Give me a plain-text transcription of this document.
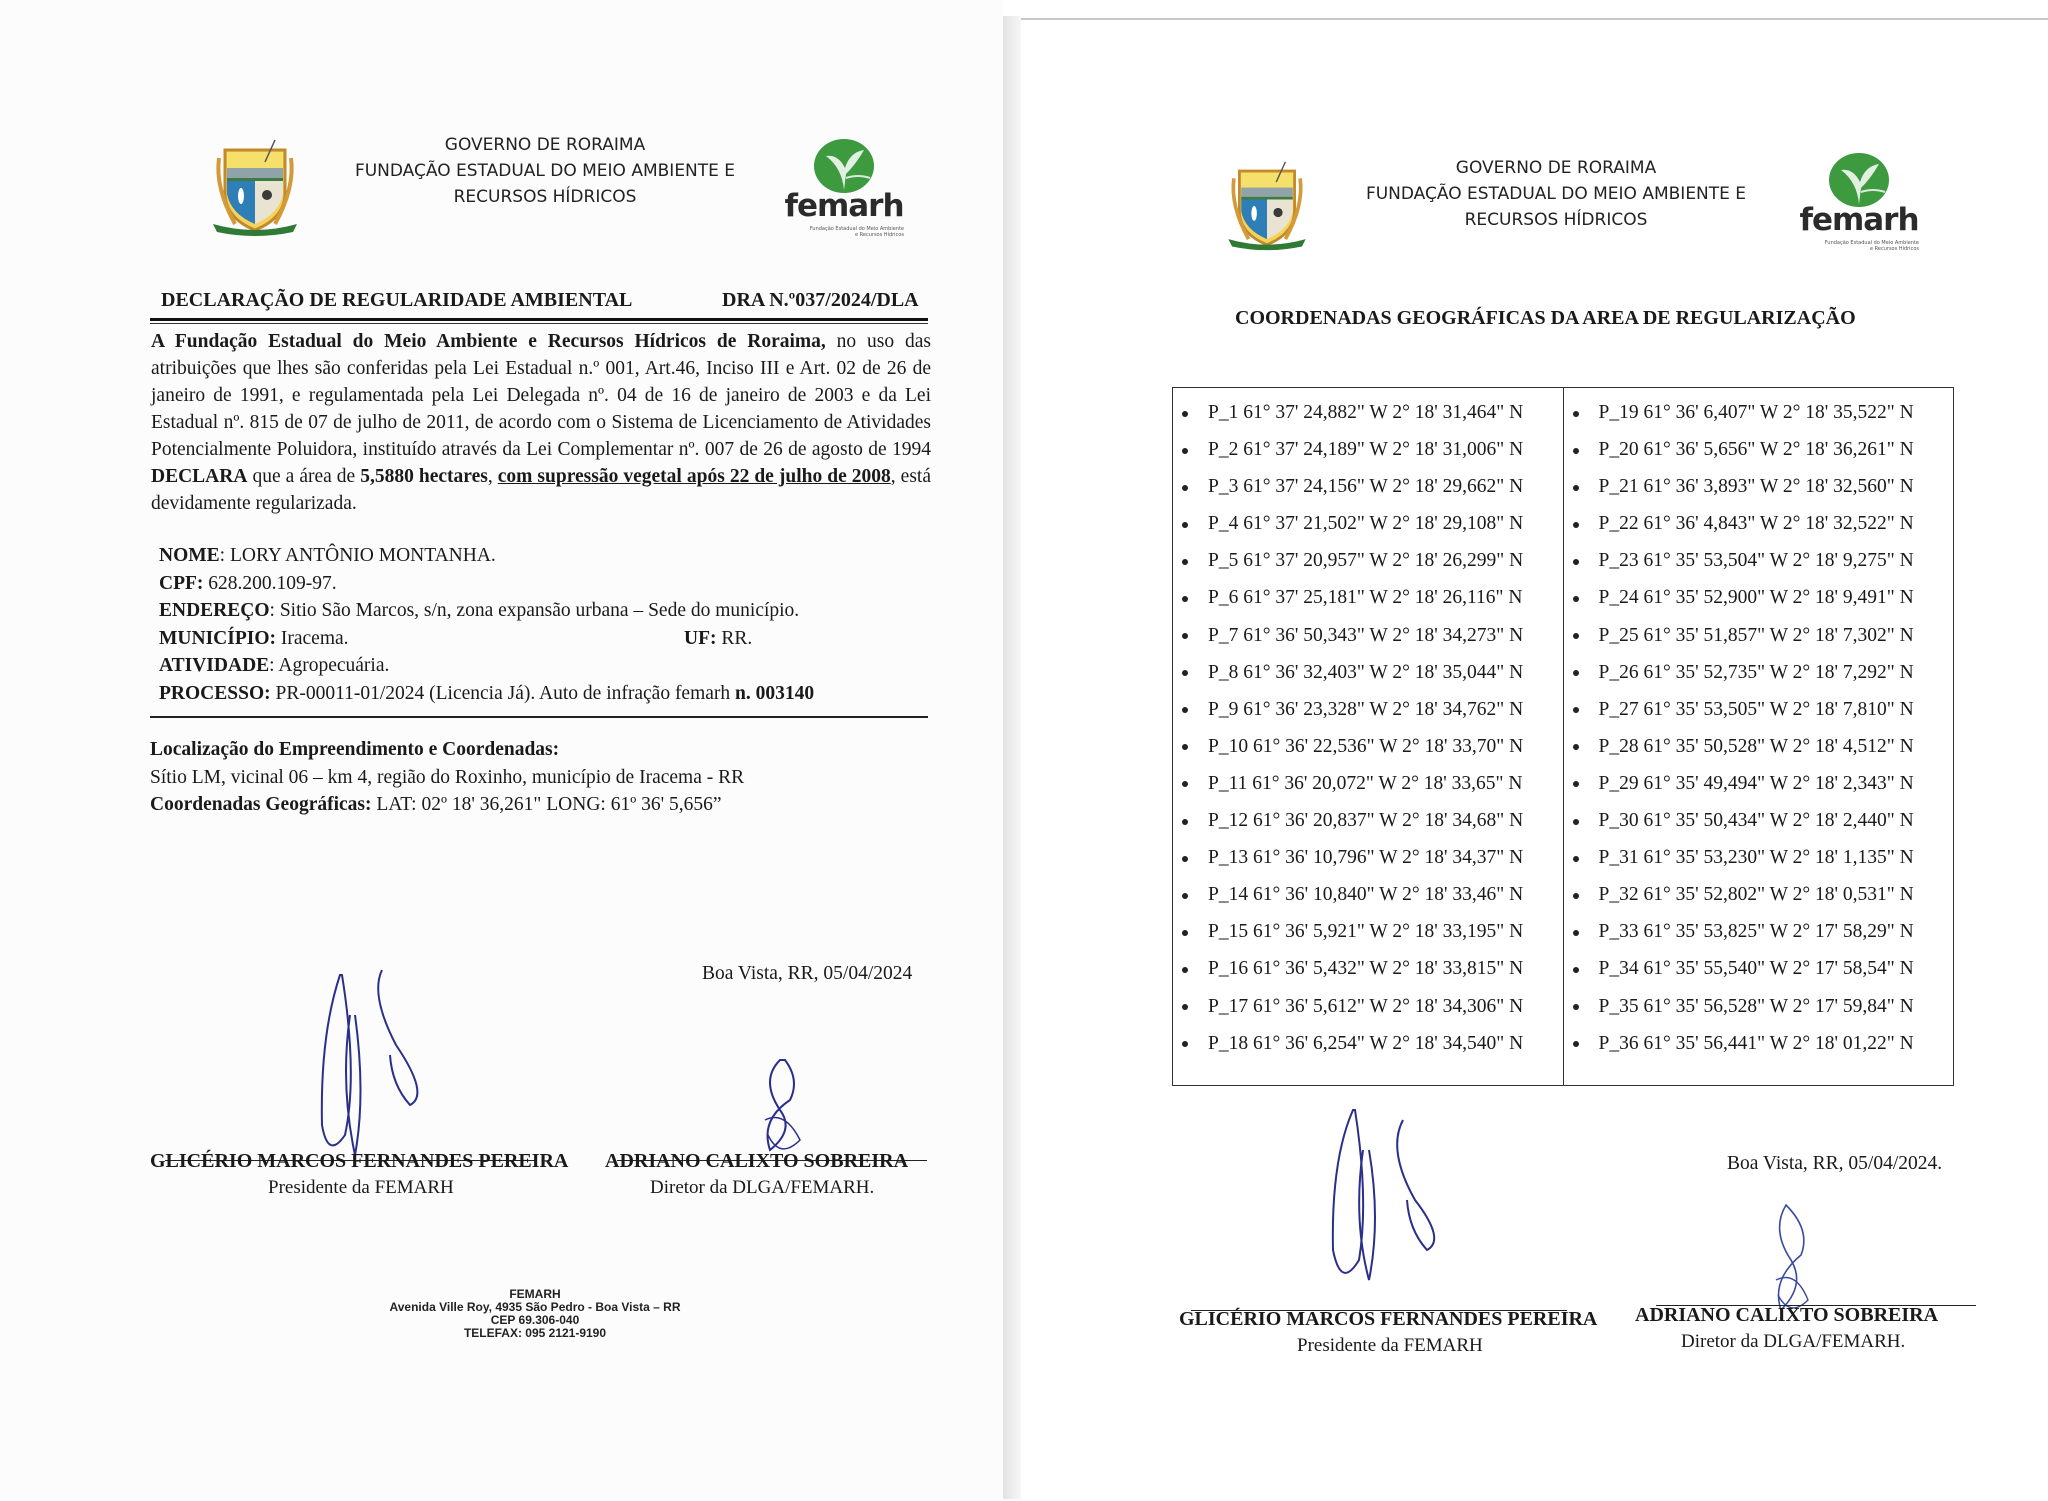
GOVERNO DE RORAIMA
FUNDAÇÃO ESTADUAL DO MEIO AMBIENTE E
RECURSOS HÍDRICOS	femarh
Fundação Estadual do Meio Ambiente
e Recursos Hídricos
DECLARAÇÃO DE REGULARIDADE AMBIENTAL	DRA N.º037/2024/DLA
A Fundação Estadual do Meio Ambiente e Recursos Hídricos de Roraima, no uso das atribuições que lhes são conferidas pela Lei Estadual n.º 001, Art.46, Inciso III e Art. 02 de 26 de janeiro de 1991, e regulamentada pela Lei Delegada nº. 04 de 16 de janeiro de 2003 e da Lei Estadual nº. 815 de 07 de julho de 2011, de acordo com o Sistema de Licenciamento de Atividades Potencialmente Poluidora, instituído através da Lei Complementar nº. 007 de 26 de agosto de 1994 DECLARA que a área de 5,5880 hectares, com supressão vegetal após 22 de julho de 2008, está devidamente regularizada.
NOME: LORY ANTÔNIO MONTANHA.
CPF: 628.200.109-97.
ENDEREÇO: Sitio São Marcos, s/n, zona expansão urbana – Sede do município.
MUNICÍPIO: Iracema.	UF: RR.
ATIVIDADE: Agropecuária.
PROCESSO: PR-00011-01/2024 (Licencia Já). Auto de infração femarh n. 003140
Localização do Empreendimento e Coordenadas:
Sítio LM, vicinal 06 – km 4, região do Roxinho, município de Iracema - RR
Coordenadas Geográficas: LAT: 02º 18' 36,261" LONG: 61º 36' 5,656”
Boa Vista, RR, 05/04/2024
GLICÉRIO MARCOS FERNANDES PEREIRA
Presidente da FEMARH
ADRIANO CALIXTO SOBREIRA
Diretor da DLGA/FEMARH.
FEMARH
Avenida Ville Roy, 4935 São Pedro - Boa Vista – RR
CEP 69.306-040
TELEFAX: 095 2121-9190
GOVERNO DE RORAIMA
FUNDAÇÃO ESTADUAL DO MEIO AMBIENTE E
RECURSOS HÍDRICOS	femarh
Fundação Estadual do Meio Ambiente
e Recursos Hídricos
COORDENADAS GEOGRÁFICAS DA AREA DE REGULARIZAÇÃO
P_1 61° 37' 24,882" W 2° 18' 31,464" N
P_2 61° 37' 24,189" W 2° 18' 31,006" N
P_3 61° 37' 24,156" W 2° 18' 29,662" N
P_4 61° 37' 21,502" W 2° 18' 29,108" N
P_5 61° 37' 20,957" W 2° 18' 26,299" N
P_6 61° 37' 25,181" W 2° 18' 26,116" N
P_7 61° 36' 50,343" W 2° 18' 34,273" N
P_8 61° 36' 32,403" W 2° 18' 35,044" N
P_9 61° 36' 23,328" W 2° 18' 34,762" N
P_10 61° 36' 22,536" W 2° 18' 33,70" N
P_11 61° 36' 20,072" W 2° 18' 33,65" N
P_12 61° 36' 20,837" W 2° 18' 34,68" N
P_13 61° 36' 10,796" W 2° 18' 34,37" N
P_14 61° 36' 10,840" W 2° 18' 33,46" N
P_15 61° 36' 5,921" W 2° 18' 33,195" N
P_16 61° 36' 5,432" W 2° 18' 33,815" N
P_17 61° 36' 5,612" W 2° 18' 34,306" N
P_18 61° 36' 6,254" W 2° 18' 34,540" N
P_19 61° 36' 6,407" W 2° 18' 35,522" N
P_20 61° 36' 5,656" W 2° 18' 36,261" N
P_21 61° 36' 3,893" W 2° 18' 32,560" N
P_22 61° 36' 4,843" W 2° 18' 32,522" N
P_23 61° 35' 53,504" W 2° 18' 9,275" N
P_24 61° 35' 52,900" W 2° 18' 9,491" N
P_25 61° 35' 51,857" W 2° 18' 7,302" N
P_26 61° 35' 52,735" W 2° 18' 7,292" N
P_27 61° 35' 53,505" W 2° 18' 7,810" N
P_28 61° 35' 50,528" W 2° 18' 4,512" N
P_29 61° 35' 49,494" W 2° 18' 2,343" N
P_30 61° 35' 50,434" W 2° 18' 2,440" N
P_31 61° 35' 53,230" W 2° 18' 1,135" N
P_32 61° 35' 52,802" W 2° 18' 0,531" N
P_33 61° 35' 53,825" W 2° 17' 58,29" N
P_34 61° 35' 55,540" W 2° 17' 58,54" N
P_35 61° 35' 56,528" W 2° 17' 59,84" N
P_36 61° 35' 56,441" W 2° 18' 01,22" N
Boa Vista, RR, 05/04/2024.
GLICÉRIO MARCOS FERNANDES PEREIRA
Presidente da FEMARH
ADRIANO CALIXTO SOBREIRA
Diretor da DLGA/FEMARH.
